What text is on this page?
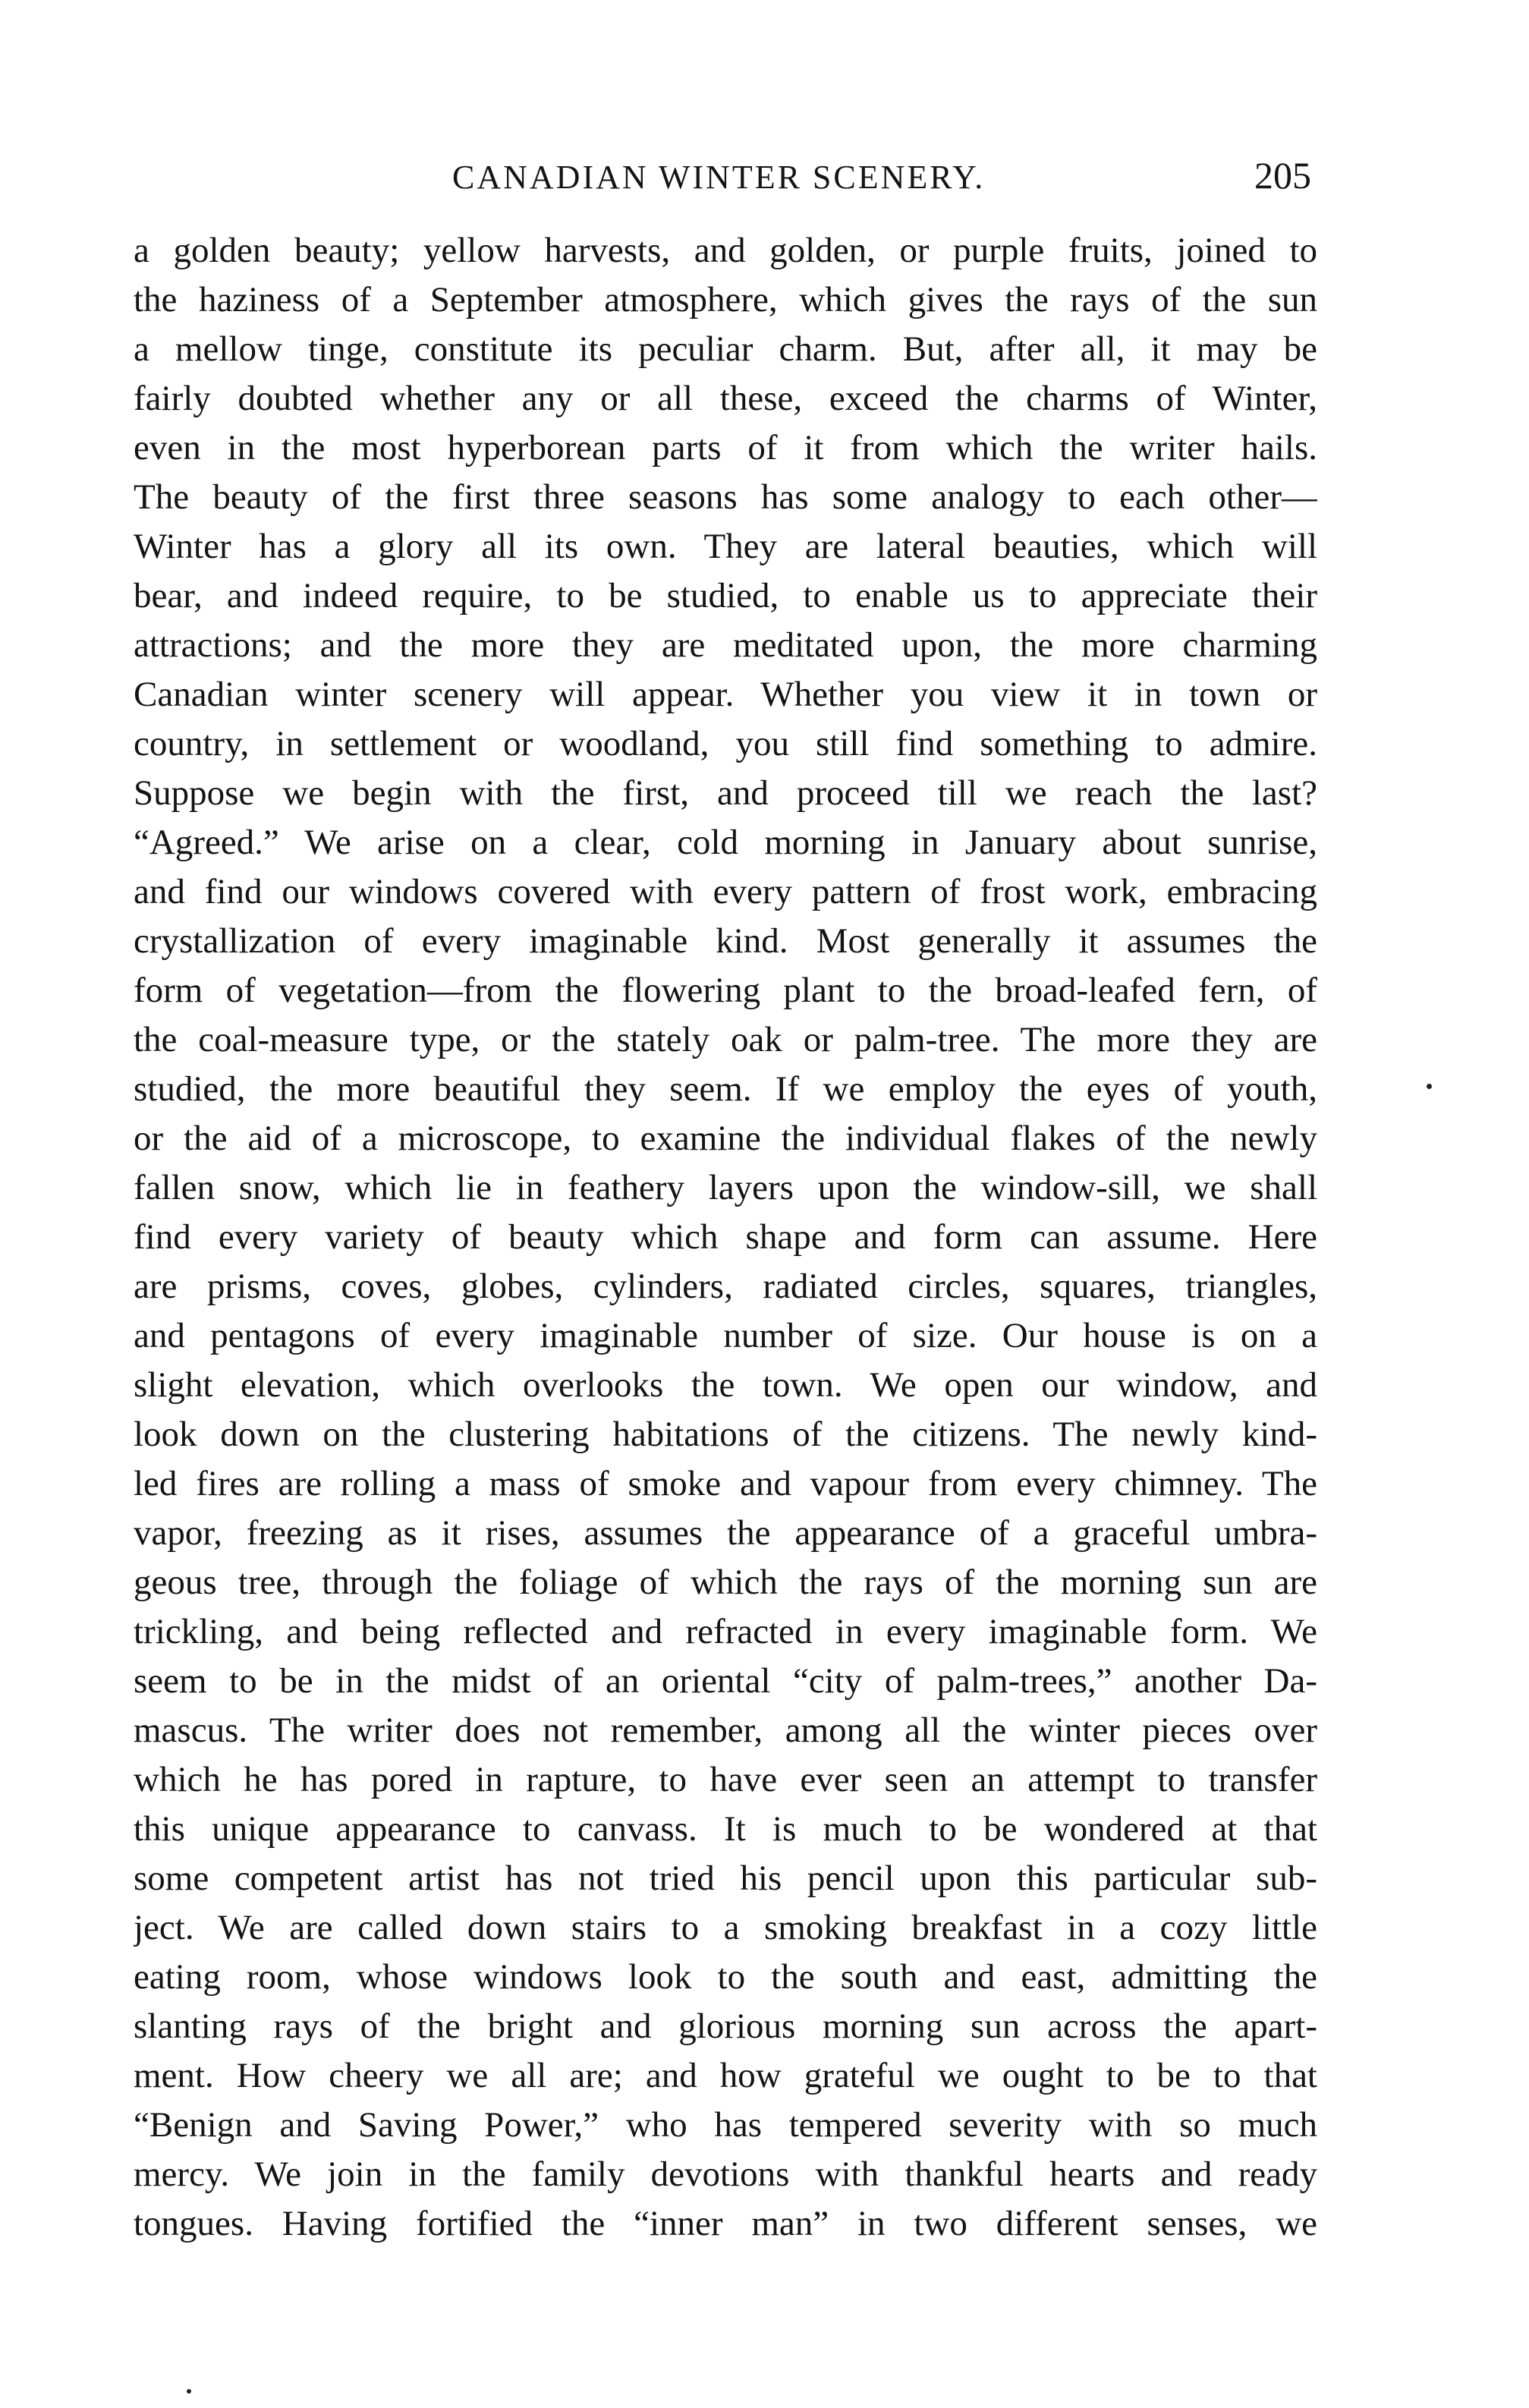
CANADIAN WINTER SCENERY.	205
a golden beauty; yellow harvests, and golden, or purple fruits, joined to
the haziness of a September atmosphere, which gives the rays of the sun
a mellow tinge, constitute its peculiar charm. But, after all, it may be
fairly doubted whether any or all these, exceed the charms of Winter,
even in the most hyperborean parts of it from which the writer hails.
The beauty of the first three seasons has some analogy to each other—
Winter has a glory all its own. They are lateral beauties, which will
bear, and indeed require, to be studied, to enable us to appreciate their
attractions; and the more they are meditated upon, the more charming
Canadian winter scenery will appear. Whether you view it in town or
country, in settlement or woodland, you still find something to admire.
Suppose we begin with the first, and proceed till we reach the last?
“Agreed.” We arise on a clear, cold morning in January about sunrise,
and find our windows covered with every pattern of frost work, embracing
crystallization of every imaginable kind. Most generally it assumes the
form of vegetation—from the flowering plant to the broad-leafed fern, of
the coal-measure type, or the stately oak or palm-tree. The more they are
studied, the more beautiful they seem. If we employ the eyes of youth,
or the aid of a microscope, to examine the individual flakes of the newly
fallen snow, which lie in feathery layers upon the window-sill, we shall
find every variety of beauty which shape and form can assume. Here
are prisms, coves, globes, cylinders, radiated circles, squares, triangles,
and pentagons of every imaginable number of size. Our house is on a
slight elevation, which overlooks the town. We open our window, and
look down on the clustering habitations of the citizens. The newly kind-
led fires are rolling a mass of smoke and vapour from every chimney. The
vapor, freezing as it rises, assumes the appearance of a graceful umbra-
geous tree, through the foliage of which the rays of the morning sun are
trickling, and being reflected and refracted in every imaginable form. We
seem to be in the midst of an oriental “city of palm-trees,” another Da-
mascus. The writer does not remember, among all the winter pieces over
which he has pored in rapture, to have ever seen an attempt to transfer
this unique appearance to canvass. It is much to be wondered at that
some competent artist has not tried his pencil upon this particular sub-
ject. We are called down stairs to a smoking breakfast in a cozy little
eating room, whose windows look to the south and east, admitting the
slanting rays of the bright and glorious morning sun across the apart-
ment. How cheery we all are; and how grateful we ought to be to that
“Benign and Saving Power,” who has tempered severity with so much
mercy. We join in the family devotions with thankful hearts and ready
tongues. Having fortified the “inner man” in two different senses, we
